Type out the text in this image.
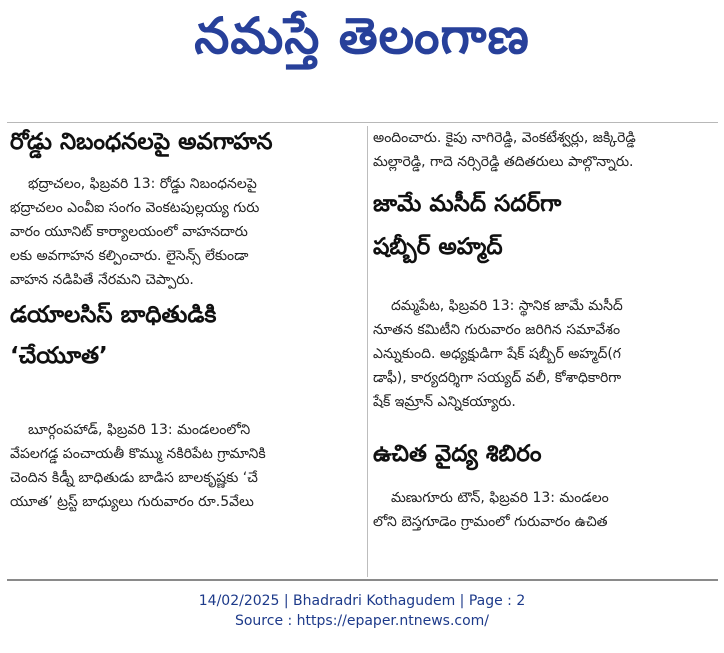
నమస్తే తెలంగాణ
రోడ్డు నిబంధనలపై అవగాహన
భద్రాచలం, ఫిబ్రవరి 13: రోడ్డు నిబంధనలపై
భద్రాచలం ఎంవీఐ సంగం వెంకటపుల్లయ్య గురు
వారం యూనిట్ కార్యాలయంలో వాహనదారు
లకు అవగాహన కల్పించారు. లైసెన్స్ లేకుండా
వాహన నడిపితే నేరమని చెప్పారు.
డయాలసిస్ బాధితుడికి
‘చేయూత’
బూర్గంపహాడ్, ఫిబ్రవరి 13: మండలంలోని
వేపలగడ్డ పంచాయతీ కొమ్ము నకిరిపేట గ్రామానికి
చెందిన కిడ్నీ బాధితుడు బాడిస బాలకృష్ణకు ‘చే
యూత’ ట్రస్ట్ బాధ్యులు గురువారం రూ.5వేలు
అందించారు. కైపు నాగిరెడ్డి, వెంకటేశ్వర్లు, జక్కిరెడ్డి
మల్లారెడ్డి, గాదె నర్సిరెడ్డి తదితరులు పాల్గొన్నారు.
జామే మసీద్ సదర్‌గా
షబ్బీర్ అహ్మద్
దమ్మపేట, ఫిబ్రవరి 13: స్థానిక జామే మసీద్
నూతన కమిటీని గురువారం జరిగిన సమావేశం
ఎన్నుకుంది. అధ్యక్షుడిగా షేక్ షబ్బీర్ అహ్మద్(గ
డాఫీ), కార్యదర్శిగా సయ్యద్ వలీ, కోశాధికారిగా
షేక్ ఇమ్రాన్ ఎన్నికయ్యారు.
ఉచిత వైద్య శిబిరం
మణుగూరు టౌన్, ఫిబ్రవరి 13: మండలం
లోని బెస్తగూడెం గ్రామంలో గురువారం ఉచిత
14/02/2025 | Bhadradri Kothagudem | Page : 2
Source : https://epaper.ntnews.com/
